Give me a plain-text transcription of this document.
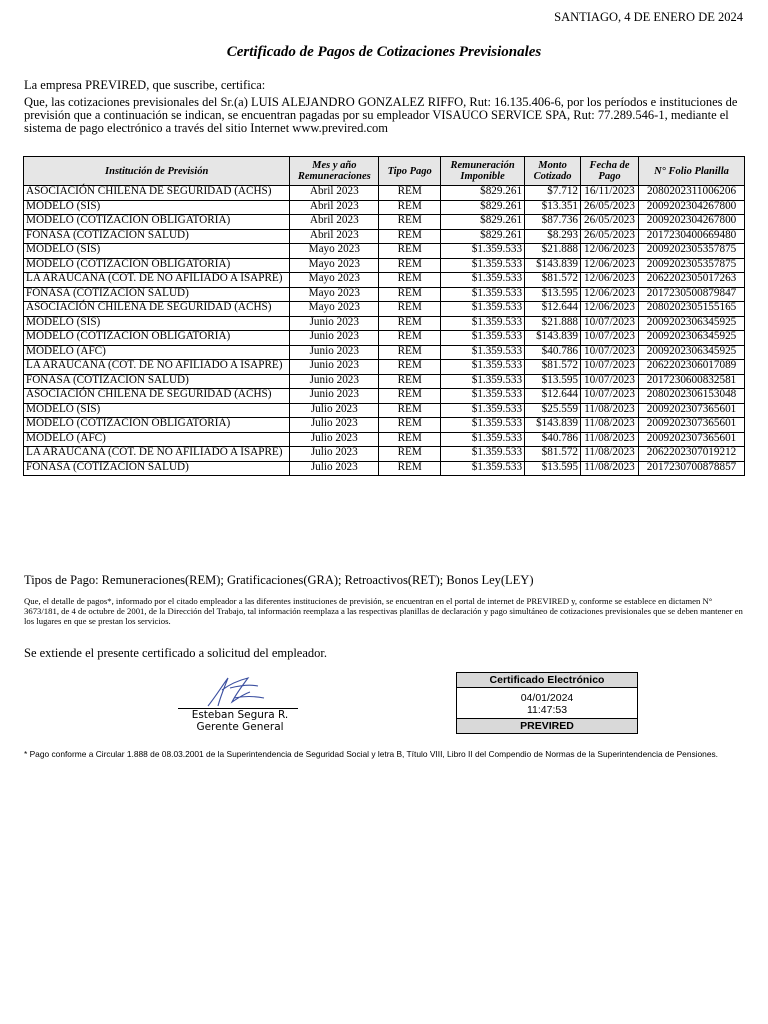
SANTIAGO, 4 DE ENERO DE 2024
Certificado de Pagos de Cotizaciones Previsionales
La empresa PREVIRED, que suscribe, certifica:
Que, las cotizaciones previsionales del Sr.(a) LUIS ALEJANDRO GONZALEZ RIFFO, Rut: 16.135.406-6, por los períodos e instituciones de previsión que a continuación se indican, se encuentran pagadas por su empleador VISAUCO SERVICE SPA, Rut: 77.289.546-1, mediante el sistema de pago electrónico a través del sitio Internet www.previred.com
Institución de Previsión	Mes y año Remuneraciones	Tipo Pago	Remuneración Imponible	Monto Cotizado	Fecha de Pago	N° Folio Planilla
ASOCIACIÓN CHILENA DE SEGURIDAD (ACHS)	Abril 2023	REM	$829.261	$7.712	16/11/2023	2080202311006206
MODELO (SIS)	Abril 2023	REM	$829.261	$13.351	26/05/2023	2009202304267800
MODELO (COTIZACION OBLIGATORIA)	Abril 2023	REM	$829.261	$87.736	26/05/2023	2009202304267800
FONASA (COTIZACION SALUD)	Abril 2023	REM	$829.261	$8.293	26/05/2023	2017230400669480
MODELO (SIS)	Mayo 2023	REM	$1.359.533	$21.888	12/06/2023	2009202305357875
MODELO (COTIZACION OBLIGATORIA)	Mayo 2023	REM	$1.359.533	$143.839	12/06/2023	2009202305357875
LA ARAUCANA (COT. DE NO AFILIADO A ISAPRE)	Mayo 2023	REM	$1.359.533	$81.572	12/06/2023	2062202305017263
FONASA (COTIZACION SALUD)	Mayo 2023	REM	$1.359.533	$13.595	12/06/2023	2017230500879847
ASOCIACIÓN CHILENA DE SEGURIDAD (ACHS)	Mayo 2023	REM	$1.359.533	$12.644	12/06/2023	2080202305155165
MODELO (SIS)	Junio 2023	REM	$1.359.533	$21.888	10/07/2023	2009202306345925
MODELO (COTIZACION OBLIGATORIA)	Junio 2023	REM	$1.359.533	$143.839	10/07/2023	2009202306345925
MODELO (AFC)	Junio 2023	REM	$1.359.533	$40.786	10/07/2023	2009202306345925
LA ARAUCANA (COT. DE NO AFILIADO A ISAPRE)	Junio 2023	REM	$1.359.533	$81.572	10/07/2023	2062202306017089
FONASA (COTIZACION SALUD)	Junio 2023	REM	$1.359.533	$13.595	10/07/2023	2017230600832581
ASOCIACIÓN CHILENA DE SEGURIDAD (ACHS)	Junio 2023	REM	$1.359.533	$12.644	10/07/2023	2080202306153048
MODELO (SIS)	Julio 2023	REM	$1.359.533	$25.559	11/08/2023	2009202307365601
MODELO (COTIZACION OBLIGATORIA)	Julio 2023	REM	$1.359.533	$143.839	11/08/2023	2009202307365601
MODELO (AFC)	Julio 2023	REM	$1.359.533	$40.786	11/08/2023	2009202307365601
LA ARAUCANA (COT. DE NO AFILIADO A ISAPRE)	Julio 2023	REM	$1.359.533	$81.572	11/08/2023	2062202307019212
FONASA (COTIZACION SALUD)	Julio 2023	REM	$1.359.533	$13.595	11/08/2023	2017230700878857
Tipos de Pago: Remuneraciones(REM); Gratificaciones(GRA); Retroactivos(RET); Bonos Ley(LEY)
Que, el detalle de pagos*, informado por el citado empleador a las diferentes instituciones de previsión, se encuentran en el portal de internet de PREVIRED y, conforme se establece en dictamen N° 3673/181, de 4 de octubre de 2001, de la Dirección del Trabajo, tal información reemplaza a las respectivas planillas de declaración y pago simultáneo de cotizaciones previsionales que se deben mantener en los lugares en que se prestan los servicios.
Se extiende el presente certificado a solicitud del empleador.
Esteban Segura R.
Gerente General
Certificado Electrónico
04/01/2024
11:47:53
PREVIRED
* Pago conforme a Circular 1.888 de 08.03.2001 de la Superintendencia de Seguridad Social y letra B, Título VIII, Libro II del Compendio de Normas de la Superintendencia de Pensiones.
